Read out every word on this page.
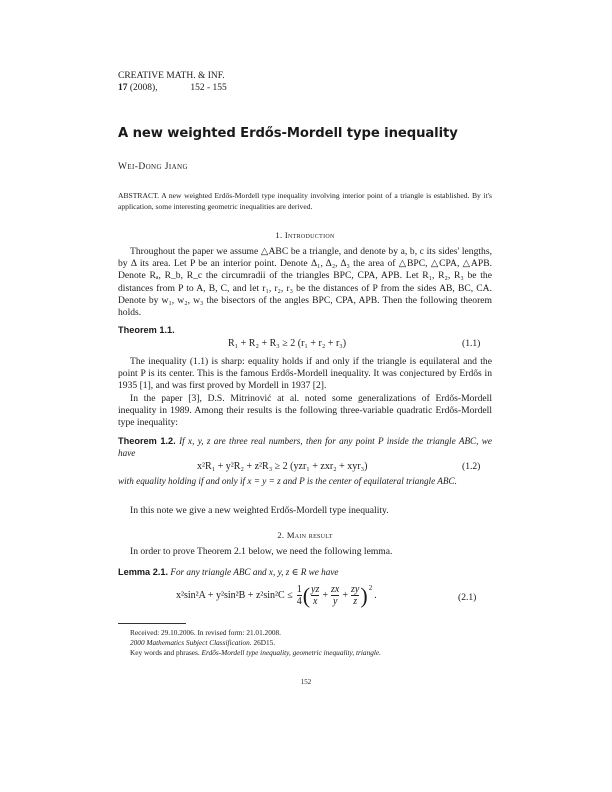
CREATIVE MATH. & INF.
17 (2008),	152 - 155
A new weighted Erdős-Mordell type inequality
Wei-Dong Jiang
ABSTRACT. A new weighted Erdős-Mordell type inequality involving interior point of a triangle is established. By it's application, some interesting geometric inequalities are derived.
1. Introduction
Throughout the paper we assume △ABC be a triangle, and denote by a, b, c its sides' lengths, by Δ its area. Let P be an interior point. Denote Δ₁, Δ₂, Δ₃ the area of △BPC, △CPA, △APB. Denote Rₐ, R_b, R_c the circumradii of the triangles BPC, CPA, APB. Let R₁, R₂, R₃ be the distances from P to A, B, C, and let r₁, r₂, r₃ be the distances of P from the sides AB, BC, CA. Denote by w₁, w₂, w₃ the bisectors of the angles BPC, CPA, APB. Then the following theorem holds.
Theorem 1.1.
R₁ + R₂ + R₃ ≥ 2 (r₁ + r₂ + r₃)	(1.1)
The inequality (1.1) is sharp: equality holds if and only if the triangle is equilateral and the point P is its center. This is the famous Erdős-Mordell inequality. It was conjectured by Erdős in 1935 [1], and was first proved by Mordell in 1937 [2].
In the paper [3], D.S. Mitrinović at al. noted some generalizations of Erdős-Mordell inequality in 1989. Among their results is the following three-variable quadratic Erdős-Mordell type inequality:
Theorem 1.2. If x, y, z are three real numbers, then for any point P inside the triangle ABC, we have
x²R₁ + y²R₂ + z²R₃ ≥ 2 (yzr₁ + zxr₂ + xyr₃)	(1.2)
with equality holding if and only if x = y = z and P is the center of equilateral triangle ABC.
In this note we give a new weighted Erdős-Mordell type inequality.
2. Main result
In order to prove Theorem 2.1 below, we need the following lemma.
Lemma 2.1. For any triangle ABC and x, y, z ∈ R we have
$x^2\sin^2A + y^2\sin^2B + z^2\sin^2C \le \frac{1}{4}$ ( $\frac{yz}{x} + \frac{zx}{y} + \frac{zy}{z}$ ) 2
.	(2.1)
Received: 29.10.2006. In revised form: 21.01.2008.
2000 Mathematics Subject Classification. 26D15.
Key words and phrases. Erdős-Mordell type inequality, geometric inequality, triangle.
152
